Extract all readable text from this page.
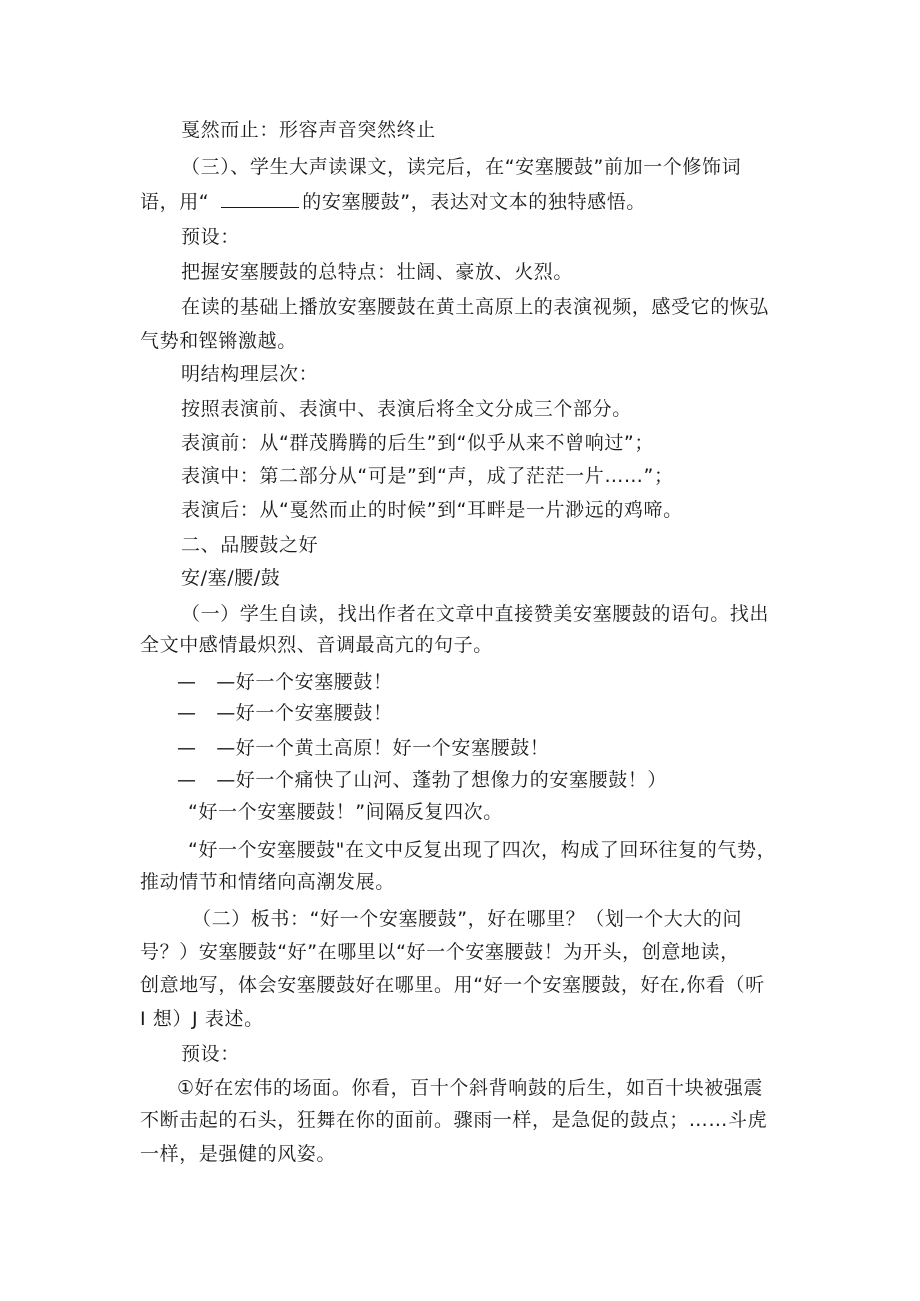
戛然而止：形容声音突然终止
（三）、学生大声读课文，读完后，在“安塞腰鼓”前加一个修饰词
语，用“	的安塞腰鼓”，表达对文本的独特感悟。
预设：
把握安塞腰鼓的总特点：壮阔、豪放、火烈。
在读的基础上播放安塞腰鼓在黄土高原上的表演视频，感受它的恢弘
气势和铿锵激越。
明结构理层次：
按照表演前、表演中、表演后将全文分成三个部分。
表演前：从“群茂腾腾的后生”到“似乎从来不曾响过”；
表演中：第二部分从“可是”到“声，成了茫茫一片……”；
表演后：从“戛然而止的时候”到“耳畔是一片渺远的鸡啼。
二、品腰鼓之好
安/塞/腰/鼓
（一）学生自读，找出作者在文章中直接赞美安塞腰鼓的语句。找出
全文中感情最炽烈、音调最高亢的句子。
—　—好一个安塞腰鼓！
—　—好一个安塞腰鼓！
—　—好一个黄土高原！好一个安塞腰鼓！
—　—好一个痛快了山河、蓬勃了想像力的安塞腰鼓！）
“好一个安塞腰鼓！”间隔反复四次。
“好一个安塞腰鼓"在文中反复出现了四次，构成了回环往复的气势，
推动情节和情绪向高潮发展。
（二）板书：“好一个安塞腰鼓”，好在哪里？（划一个大大的问
号？）安塞腰鼓“好”在哪里以“好一个安塞腰鼓！为开头，创意地读，
创意地写，体会安塞腰鼓好在哪里。用“好一个安塞腰鼓，好在,你看（听
I 想）J 表述。
预设：
①好在宏伟的场面。你看，百十个斜背响鼓的后生，如百十块被强震
不断击起的石头，狂舞在你的面前。骤雨一样，是急促的鼓点；……斗虎
一样，是强健的风姿。
